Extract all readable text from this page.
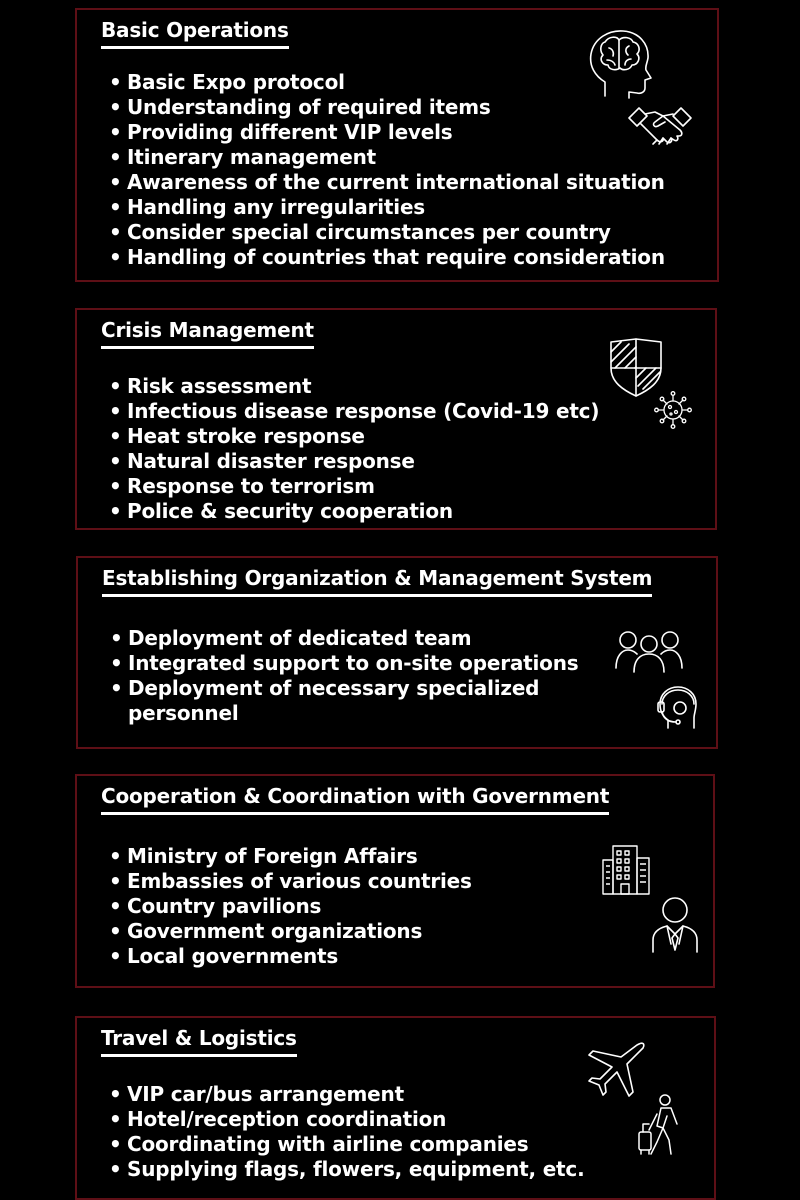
Basic Operations
• Basic Expo protocol
• Understanding of required items
• Providing different VIP levels
• Itinerary management
• Awareness of the current international situation
• Handling any irregularities
• Consider special circumstances per country
• Handling of countries that require consideration
Crisis Management
• Risk assessment
• Infectious disease response (Covid-19 etc)
• Heat stroke response
• Natural disaster response
• Response to terrorism
• Police & security cooperation
Establishing Organization & Management System
• Deployment of dedicated team
• Integrated support to on-site operations
• Deployment of necessary specialized personnel
Cooperation & Coordination with Government
• Ministry of Foreign Affairs
• Embassies of various countries
• Country pavilions
• Government organizations
• Local governments
Travel & Logistics
• VIP car/bus arrangement
• Hotel/reception coordination
• Coordinating with airline companies
• Supplying flags, flowers, equipment, etc.
